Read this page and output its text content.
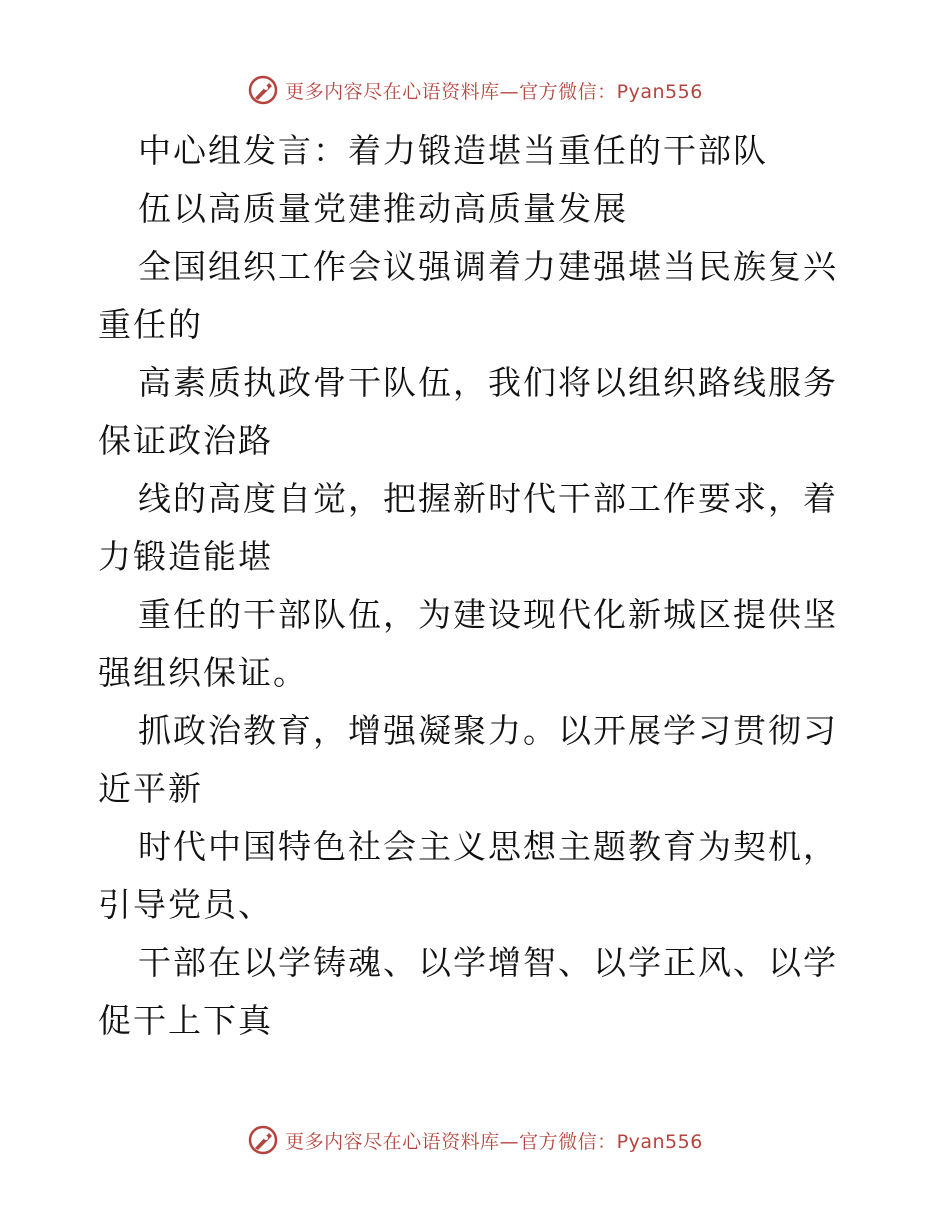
更多内容尽在心语资料库—官方微信：Pyan556

中心组发言：着力锻造堪当重任的干部队

伍以高质量党建推动高质量发展

全国组织工作会议强调着力建强堪当民族复兴重任的

高素质执政骨干队伍，我们将以组织路线服务保证政治路

线的高度自觉，把握新时代干部工作要求，着力锻造能堪

重任的干部队伍，为建设现代化新城区提供坚强组织保证。

抓政治教育，增强凝聚力。以开展学习贯彻习近平新

时代中国特色社会主义思想主题教育为契机，引导党员、

干部在以学铸魂、以学增智、以学正风、以学促干上下真

更多内容尽在心语资料库—官方微信：Pyan556
